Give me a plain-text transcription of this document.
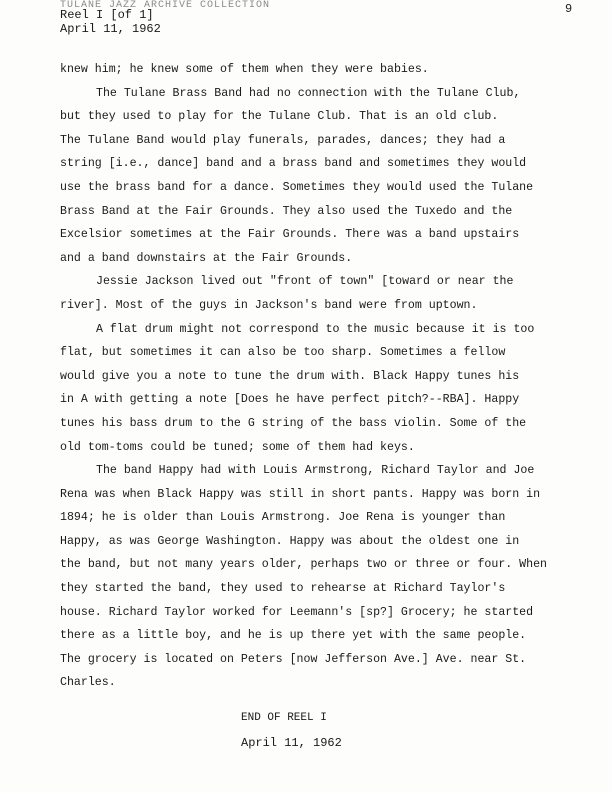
TULANE JAZZ ARCHIVE COLLECTION	9
Reel I [of 1]
April 11, 1962

knew him; he knew some of them when they were babies.

The Tulane Brass Band had no connection with the Tulane Club,
but they used to play for the Tulane Club. That is an old club.
The Tulane Band would play funerals, parades, dances; they had a
string [i.e., dance] band and a brass band and sometimes they would
use the brass band for a dance. Sometimes they would used the Tulane
Brass Band at the Fair Grounds. They also used the Tuxedo and the
Excelsior sometimes at the Fair Grounds. There was a band upstairs
and a band downstairs at the Fair Grounds.

Jessie Jackson lived out "front of town" [toward or near the
river]. Most of the guys in Jackson's band were from uptown.

A flat drum might not correspond to the music because it is too
flat, but sometimes it can also be too sharp. Sometimes a fellow
would give you a note to tune the drum with. Black Happy tunes his
in A with getting a note [Does he have perfect pitch?--RBA]. Happy
tunes his bass drum to the G string of the bass violin. Some of the
old tom-toms could be tuned; some of them had keys.

The band Happy had with Louis Armstrong, Richard Taylor and Joe
Rena was when Black Happy was still in short pants. Happy was born in
1894; he is older than Louis Armstrong. Joe Rena is younger than
Happy, as was George Washington. Happy was about the oldest one in
the band, but not many years older, perhaps two or three or four. When
they started the band, they used to rehearse at Richard Taylor's
house. Richard Taylor worked for Leemann's [sp?] Grocery; he started
there as a little boy, and he is up there yet with the same people.
The grocery is located on Peters [now Jefferson Ave.] Ave. near St.
Charles.

END OF REEL I
April 11, 1962
